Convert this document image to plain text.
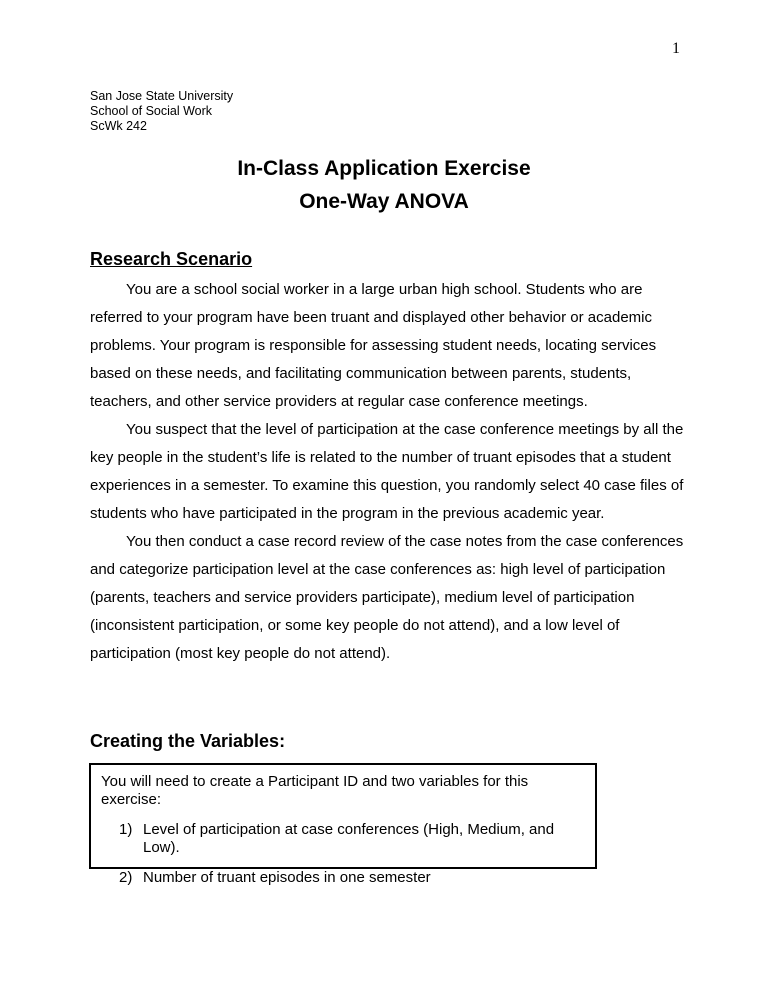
1
San Jose State University
School of Social Work
ScWk 242
In-Class Application Exercise
One-Way ANOVA
Research Scenario

You are a school social worker in a large urban high school. Students who are referred to your program have been truant and displayed other behavior or academic problems. Your program is responsible for assessing student needs, locating services based on these needs, and facilitating communication between parents, students, teachers, and other service providers at regular case conference meetings.

You suspect that the level of participation at the case conference meetings by all the key people in the student’s life is related to the number of truant episodes that a student experiences in a semester. To examine this question, you randomly select 40 case files of students who have participated in the program in the previous academic year.

You then conduct a case record review of the case notes from the case conferences and categorize participation level at the case conferences as: high level of participation (parents, teachers and service providers participate), medium level of participation (inconsistent participation, or some key people do not attend), and a low level of participation (most key people do not attend).

Creating the Variables:

You will need to create a Participant ID and two variables for this exercise:

1) Level of participation at case conferences (High, Medium, and Low).
2) Number of truant episodes in one semester
